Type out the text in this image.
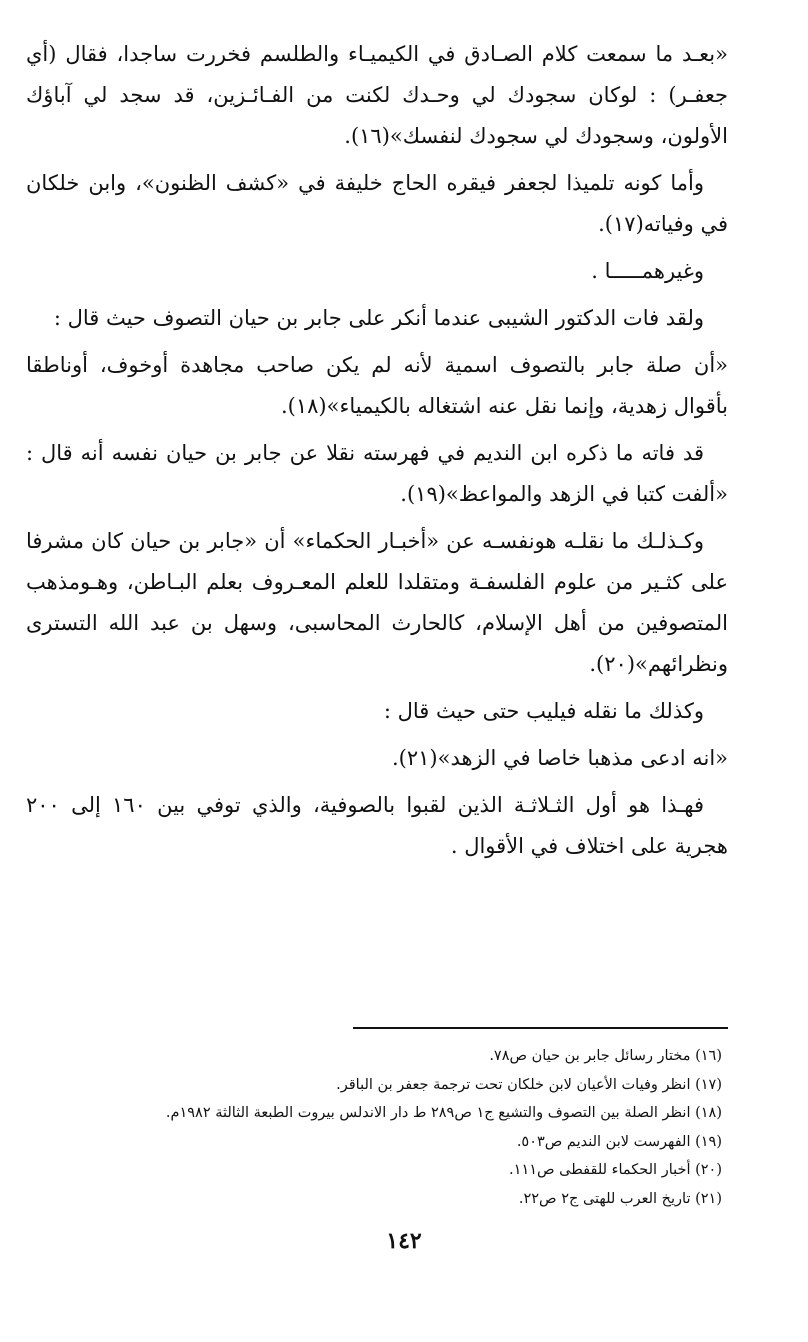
«بعـد ما سمعت كلام الصـادق في الكيميـاء والطلسم فخررت ساجدا، فقال (أي جعفـر) : لوكان سجودك لي وحـدك لكنت من الفـائـزين، قد سجد لي آباؤك الأولون، وسجودك لي سجودك لنفسك»(١٦).

وأما كونه تلميذا لجعفر فيقره الحاج خليفة في «كشف الظنون»، وابن خلكان في وفياته(١٧).

وغيرهمـــــا .

ولقد فات الدكتور الشيبى عندما أنكر على جابر بن حيان التصوف حيث قال :

«أن صلة جابر بالتصوف اسمية لأنه لم يكن صاحب مجاهدة أوخوف، أوناطقا بأقوال زهدية، وإنما نقل عنه اشتغاله بالكيمياء»(١٨).

قد فاته ما ذكره ابن النديم في فهرسته نقلا عن جابر بن حيان نفسه أنه قال : «ألفت كتبا في الزهد والمواعظ»(١٩).

وكـذلـك ما نقلـه هونفسـه عن «أخبـار الحكماء» أن «جابر بن حيان كان مشرفا على كثـير من علوم الفلسفـة ومتقلدا للعلم المعـروف بعلم البـاطن، وهـومذهب المتصوفين من أهل الإسلام، كالحارث المحاسبى، وسهل بن عبد الله التسترى ونظرائهم»(٢٠).

وكذلك ما نقله فيليب حتى حيث قال :

«انه ادعى مذهبا خاصا في الزهد»(٢١).

فهـذا هو أول الثـلاثـة الذين لقبوا بالصوفية، والذي توفي بين ١٦٠ إلى ٢٠٠ هجرية على اختلاف في الأقوال .

(١٦) مختار رسائل جابر بن حيان ص٧٨.

(١٧) انظر وفيات الأعيان لابن خلكان تحت ترجمة جعفر بن الباقر.

(١٨) انظر الصلة بين التصوف والتشيع ج١ ص٢٨٩ ط دار الاندلس بيروت الطبعة الثالثة ١٩٨٢م.

(١٩) الفهرست لابن النديم ص٥٠٣.

(٢٠) أخبار الحكماء للقفطى ص١١١.

(٢١) تاريخ العرب للهتى ج٢ ص٢٢.

١٤٢
